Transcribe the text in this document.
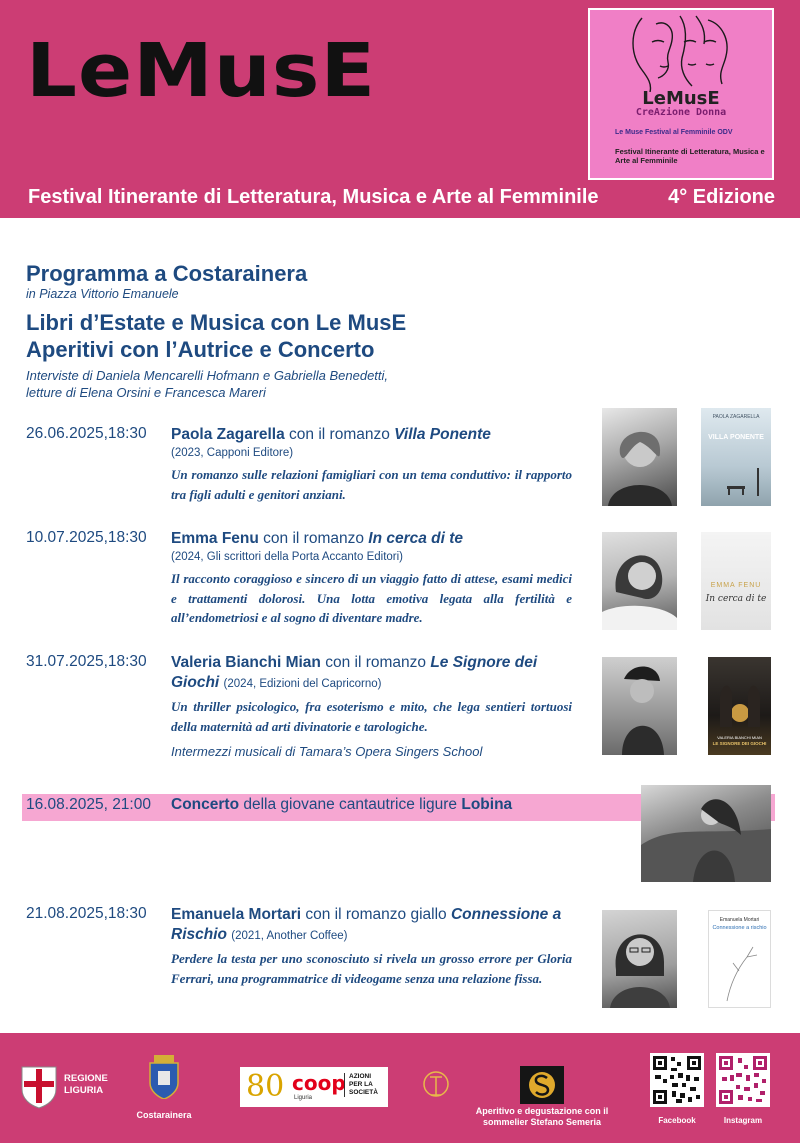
LeMusE	LeMusE
CreAzione Donna
Le Muse Festival al Femminile ODV
Festival Itinerante di Letteratura, Musica e Arte al Femminile
Festival Itinerante di Letteratura, Musica e Arte al Femminile	4° Edizione
Programma a Costarainera
in Piazza Vittorio Emanuele
Libri d’Estate e Musica con Le MusE
Aperitivi con l’Autrice e Concerto
Interviste di Daniela Mencarelli Hofmann e Gabriella Benedetti,
letture di Elena Orsini e Francesca Mareri
26.06.2025,18:30 Paola Zagarella con il romanzo Villa Ponente
(2023, Capponi Editore)
Un romanzo sulle relazioni famigliari con un tema conduttivo: il rapporto tra figli adulti e genitori anziani.
PAOLA ZAGARELLA
VILLA PONENTE
10.07.2025,18:30 Emma Fenu con il romanzo In cerca di te
(2024, Gli scrittori della Porta Accanto Editori)
Il racconto coraggioso e sincero di un viaggio fatto di attese, esami medici e trattamenti dolorosi. Una lotta emotiva legata alla fertilità e all’endometriosi e al sogno di diventare madre.
EMMA FENU
In cerca di te
31.07.2025,18:30 Valeria Bianchi Mian con il romanzo Le Signore dei Giochi (2024, Edizioni del Capricorno)
Un thriller psicologico, fra esoterismo e mito, che lega sentieri tortuosi della maternità ad arti divinatorie e tarologiche.
Intermezzi musicali di Tamara’s Opera Singers School
VALERIA BIANCHI MIAN
LE SIGNORE DEI GIOCHI
16.08.2025, 21:00 Concerto della giovane cantautrice ligure Lobina
21.08.2025,18:30 Emanuela Mortari con il romanzo giallo Connessione a Rischio (2021, Another Coffee)
Perdere la testa per uno sconosciuto si rivela un grosso errore per Gloria Ferrari, una programmatrice di videogame senza una relazione fissa.
Emanuela Mortari
Connessione a rischio
REGIONE LIGURIA
Costarainera
80 coop
Liguria
AZIONI PER LA SOCIETÀ
Aperitivo e degustazione con il
sommelier Stefano Semeria	Facebook	Instagram
